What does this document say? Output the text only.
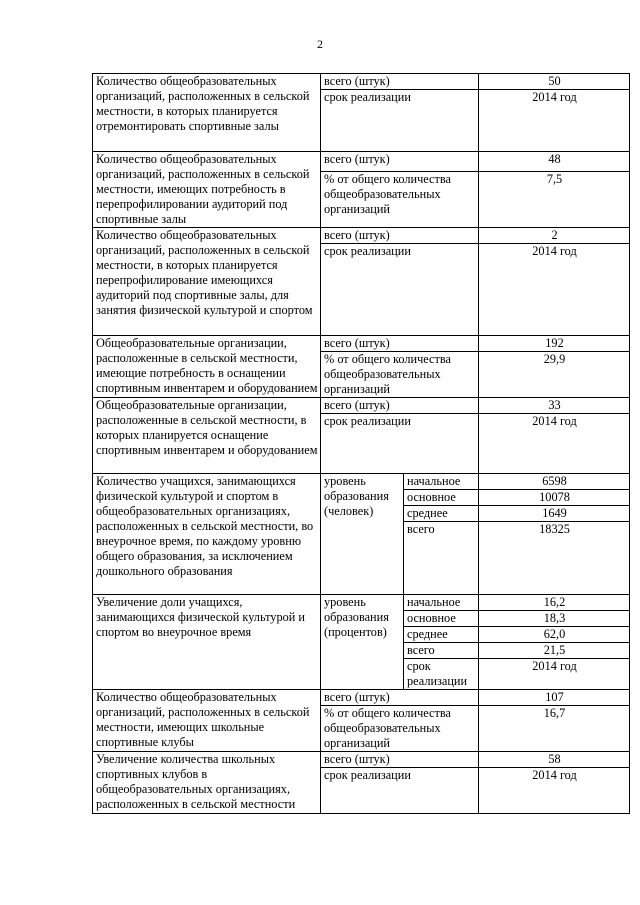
2
Количество общеобразовательных организаций, расположенных в сельской местности, в которых планируется отремонтировать спортивные залы	всего (штук)		50
	срок реализации		2014 год
Количество общеобразовательных организаций, расположенных в сельской местности, имеющих потребность в перепрофилировании аудиторий под спортивные залы	всего (штук)		48
	% от общего количества общеобразовательных организаций		7,5
Количество общеобразовательных организаций, расположенных в сельской местности, в которых планируется перепрофилирование имеющихся аудиторий под спортивные залы, для занятия физической культурой и спортом	всего (штук)		2
	срок реализации		2014 год
Общеобразовательные организации, расположенные в сельской местности, имеющие потребность в оснащении спортивным инвентарем и оборудованием	всего (штук)		192
	% от общего количества общеобразовательных организаций		29,9
Общеобразовательные организации, расположенные в сельской местности, в которых планируется оснащение спортивным инвентарем и оборудованием	всего (штук)		33
	срок реализации		2014 год
Количество учащихся, занимающихся физической культурой и спортом в общеобразовательных организациях, расположенных в сельской местности, во внеурочное время, по каждому уровню общего образования, за исключением дошкольного образования	уровень образования (человек)	начальное	6598
		основное	10078
		среднее	1649
		всего	18325
Увеличение доли учащихся, занимающихся физической культурой и спортом во внеурочное время	уровень образования (процентов)	начальное	16,2
		основное	18,3
		среднее	62,0
		всего	21,5
		срок реализации	2014 год
Количество общеобразовательных организаций, расположенных в сельской местности, имеющих школьные спортивные клубы	всего (штук)		107
	% от общего количества общеобразовательных организаций		16,7
Увеличение количества школьных спортивных клубов в общеобразовательных организациях, расположенных в сельской местности	всего (штук)		58
	срок реализации		2014 год
